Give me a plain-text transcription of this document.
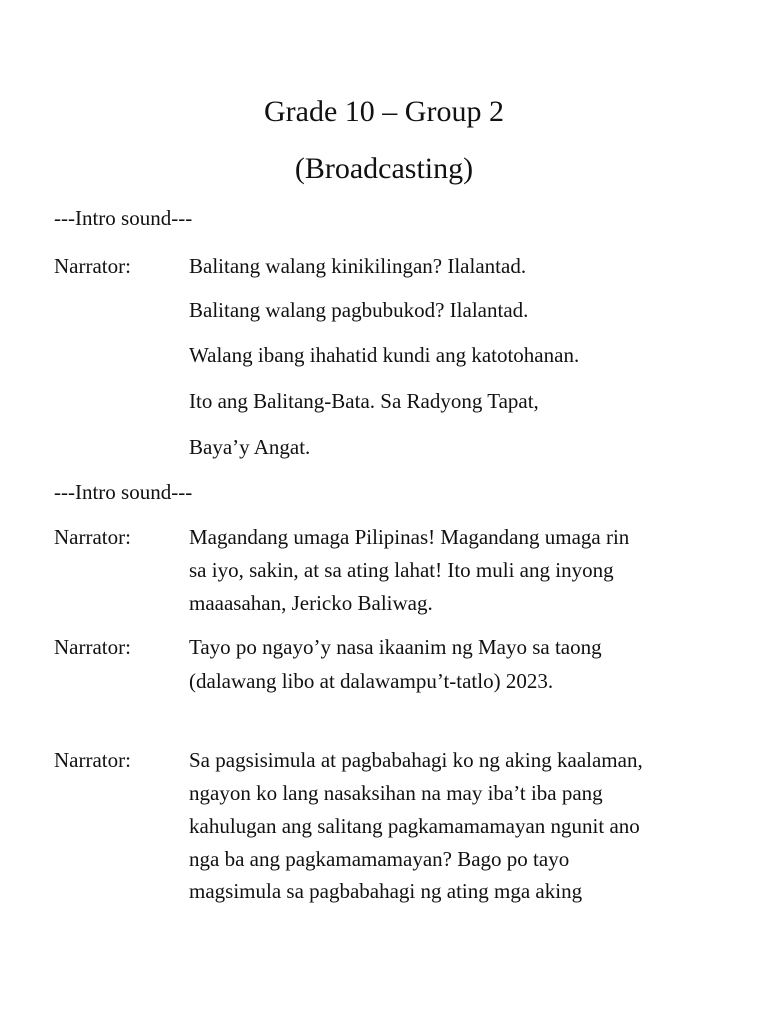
Grade 10 – Group 2
(Broadcasting)
---Intro sound---
Narrator:	Balitang walang kinikilingan? Ilalantad.
Balitang walang pagbubukod? Ilalantad.
Walang ibang ihahatid kundi ang katotohanan.
Ito ang Balitang-Bata. Sa Radyong Tapat,
Baya’y Angat.
---Intro sound---
Narrator:	Magandang umaga Pilipinas! Magandang umaga rin
sa iyo, sakin, at sa ating lahat! Ito muli ang inyong
maaasahan, Jericko Baliwag.
Narrator:	Tayo po ngayo’y nasa ikaanim ng Mayo sa taong
(dalawang libo at dalawampu’t-tatlo) 2023.
Narrator:	Sa pagsisimula at pagbabahagi ko ng aking kaalaman,
ngayon ko lang nasaksihan na may iba’t iba pang
kahulugan ang salitang pagkamamamayan ngunit ano
nga ba ang pagkamamamayan? Bago po tayo
magsimula sa pagbabahagi ng ating mga aking
